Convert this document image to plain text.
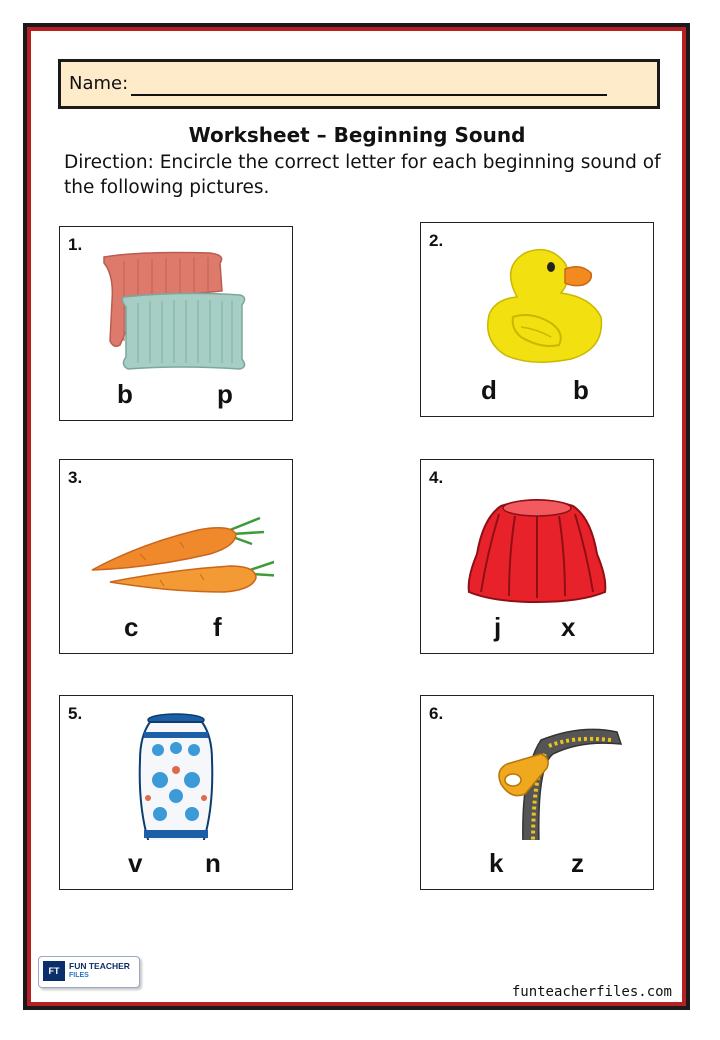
Name:
Worksheet – Beginning Sound
Direction: Encircle the correct letter for each beginning sound of the following pictures.
1.
b	p
2.
d	b
3.
c	f
4.
j x
5.
v n
6.
k	z
FT	FUN TEACHER
FILES
funteacherfiles.com
